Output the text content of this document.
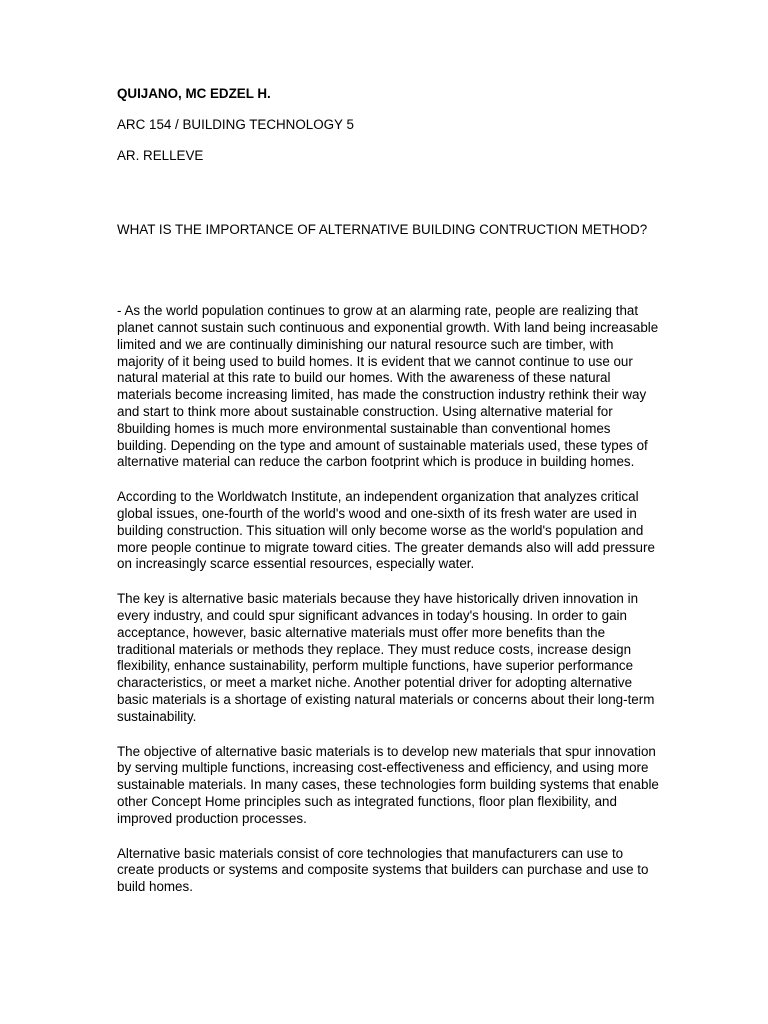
QUIJANO, MC EDZEL H.

ARC 154 / BUILDING TECHNOLOGY 5

AR. RELLEVE

WHAT IS THE IMPORTANCE OF ALTERNATIVE BUILDING CONTRUCTION METHOD?

- As the world population continues to grow at an alarming rate, people are realizing that planet cannot sustain such continuous and exponential growth. With land being increasable limited and we are continually diminishing our natural resource such are timber, with majority of it being used to build homes. It is evident that we cannot continue to use our natural material at this rate to build our homes. With the awareness of these natural materials become increasing limited, has made the construction industry rethink their way and start to think more about sustainable construction. Using alternative material for 8building homes is much more environmental sustainable than conventional homes building. Depending on the type and amount of sustainable materials used, these types of alternative material can reduce the carbon footprint which is produce in building homes.

According to the Worldwatch Institute, an independent organization that analyzes critical global issues, one-fourth of the world's wood and one-sixth of its fresh water are used in building construction. This situation will only become worse as the world's population and more people continue to migrate toward cities. The greater demands also will add pressure on increasingly scarce essential resources, especially water.

The key is alternative basic materials because they have historically driven innovation in every industry, and could spur significant advances in today's housing. In order to gain acceptance, however, basic alternative materials must offer more benefits than the traditional materials or methods they replace. They must reduce costs, increase design flexibility, enhance sustainability, perform multiple functions, have superior performance characteristics, or meet a market niche. Another potential driver for adopting alternative basic materials is a shortage of existing natural materials or concerns about their long-term sustainability.

The objective of alternative basic materials is to develop new materials that spur innovation by serving multiple functions, increasing cost-effectiveness and efficiency, and using more sustainable materials. In many cases, these technologies form building systems that enable other Concept Home principles such as integrated functions, floor plan flexibility, and improved production processes.

Alternative basic materials consist of core technologies that manufacturers can use to create products or systems and composite systems that builders can purchase and use to build homes.
